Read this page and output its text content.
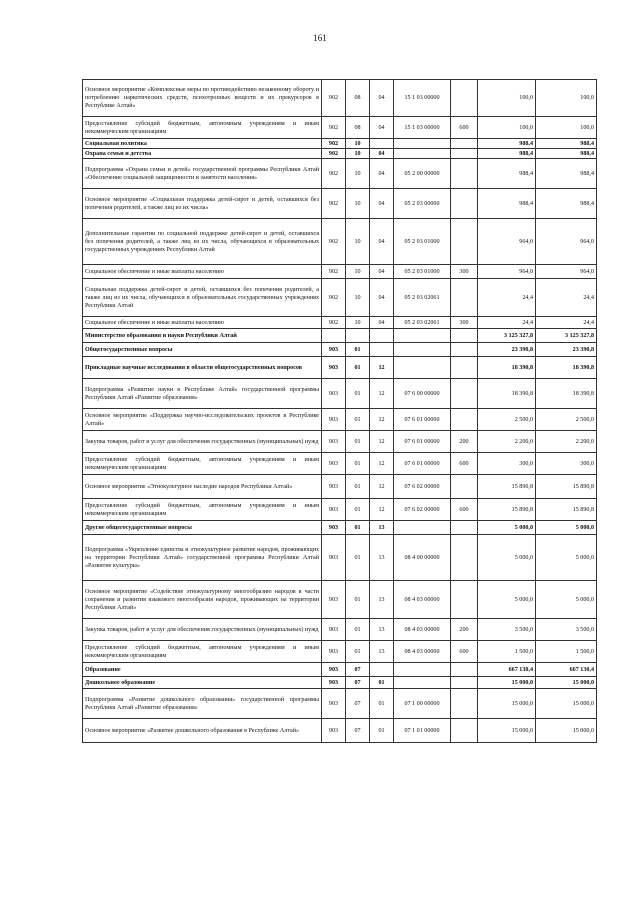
161
Основное мероприятие «Комплексные меры по противодействию незаконному обороту и потреблению наркотических средств, психотропных веществ и их прекурсоров в Республике Алтай»	902	08	04	15 1 03 00000		100,0	100,0
Предоставление субсидий бюджетным, автономным учреждениям и иным некоммерческим организациям	902	08	04	15 1 03 00000	600	100,0	100,0
Социальная политика	902	10				988,4	988,4
Охрана семьи и детства	902	10	04			988,4	988,4
Подпрограмма «Охрана семьи и детей» государственной программы Республики Алтай «Обеспечение социальной защищенности и занятости населения»	902	10	04	05 2 00 00000		988,4	988,4
Основное мероприятие «Социальная поддержка детей-сирот и детей, оставшихся без попечения родителей, а также лиц из их числа»	902	10	04	05 2 03 00000		988,4	988,4
Дополнительные гарантии по социальной поддержке детей-сирот и детей, оставшихся без попечения родителей, а также лиц из их числа, обучающихся в образовательных государственных учреждениях Республики Алтай	902	10	04	05 2 03 01000		964,0	964,0
Социальное обеспечение и иные выплаты населению	902	10	04	05 2 03 01000	300	964,0	964,0
Социальная поддержка детей-сирот и детей, оставшихся без попечения родителей, а также лиц из их числа, обучающихся в образовательных государственных учреждениях Республики Алтай	902	10	04	05 2 03 02061		24,4	24,4
Социальное обеспечение и иные выплаты населению	902	10	04	05 2 03 02061	300	24,4	24,4
Министерство образования и науки Республики Алтай						3 125 327,8	3 125 327,8
Общегосударственные вопросы	903	01				23 390,8	23 390,8
Прикладные научные исследования в области общегосударственных вопросов	903	01	12			18 390,8	18 390,8
Подпрограмма «Развитие науки в Республике Алтай» государственной программы Республики Алтай «Развитие образования»	903	01	12	07 6 00 00000		18 390,8	18 390,8
Основное мероприятие «Поддержка научно-исследовательских проектов в Республике Алтай»	903	01	12	07 6 01 00000		2 500,0	2 500,0
Закупка товаров, работ и услуг для обеспечения государственных (муниципальных) нужд	903	01	12	07 6 01 00000	200	2 200,0	2 200,0
Предоставление субсидий бюджетным, автономным учреждениям и иным некоммерческим организациям	903	01	12	07 6 01 00000	600	300,0	300,0
Основное мероприятие «Этнокультурное наследие народов Республики Алтай»	903	01	12	07 6 02 00000		15 890,8	15 890,8
Предоставление субсидий бюджетным, автономным учреждениям и иным некоммерческим организациям	903	01	12	07 6 02 00000	600	15 890,8	15 890,8
Другие общегосударственные вопросы	903	01	13			5 000,0	5 000,0
Подпрограмма «Укрепление единства и этнокультурное развитие народов, проживающих на территории Республики Алтай» государственной программы Республики Алтай «Развитие культуры»	903	01	13	08 4 00 00000		5 000,0	5 000,0
Основное мероприятие «Содействие этнокультурному многообразию народов в части сохранения и развития языкового многообразия народов, проживающих на территории Республики Алтай»	903	01	13	08 4 03 00000		5 000,0	5 000,0
Закупка товаров, работ и услуг для обеспечения государственных (муниципальных) нужд	903	01	13	08 4 03 00000	200	3 500,0	3 500,0
Предоставление субсидий бюджетным, автономным учреждениям и иным некоммерческим организациям	903	01	13	08 4 03 00000	600	1 500,0	1 500,0
Образование	903	07				667 130,4	667 130,4
Дошкольное образование	903	07	01			15 000,0	15 000,0
Подпрограмма «Развитие дошкольного образования» государственной программы Республики Алтай «Развитие образования»	903	07	01	07 1 00 00000		15 000,0	15 000,0
Основное мероприятие «Развитие дошкольного образования в Республике Алтай»	903	07	01	07 1 01 00000		15 000,0	15 000,0
